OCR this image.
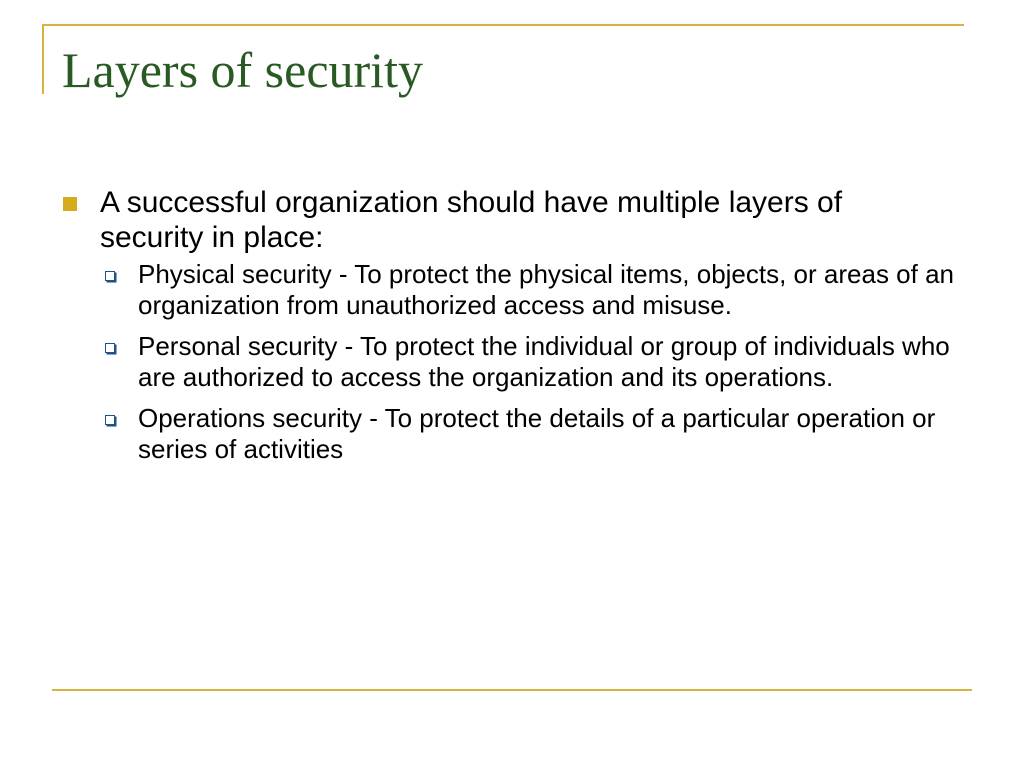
Layers of security
A successful organization should have multiple layers of security in place:
Physical security - To protect the physical items, objects, or areas of an organization from unauthorized access and misuse.
Personal security - To protect the individual or group of individuals who are authorized to access the organization and its operations.
Operations security - To protect the details of a particular operation or series of activities
